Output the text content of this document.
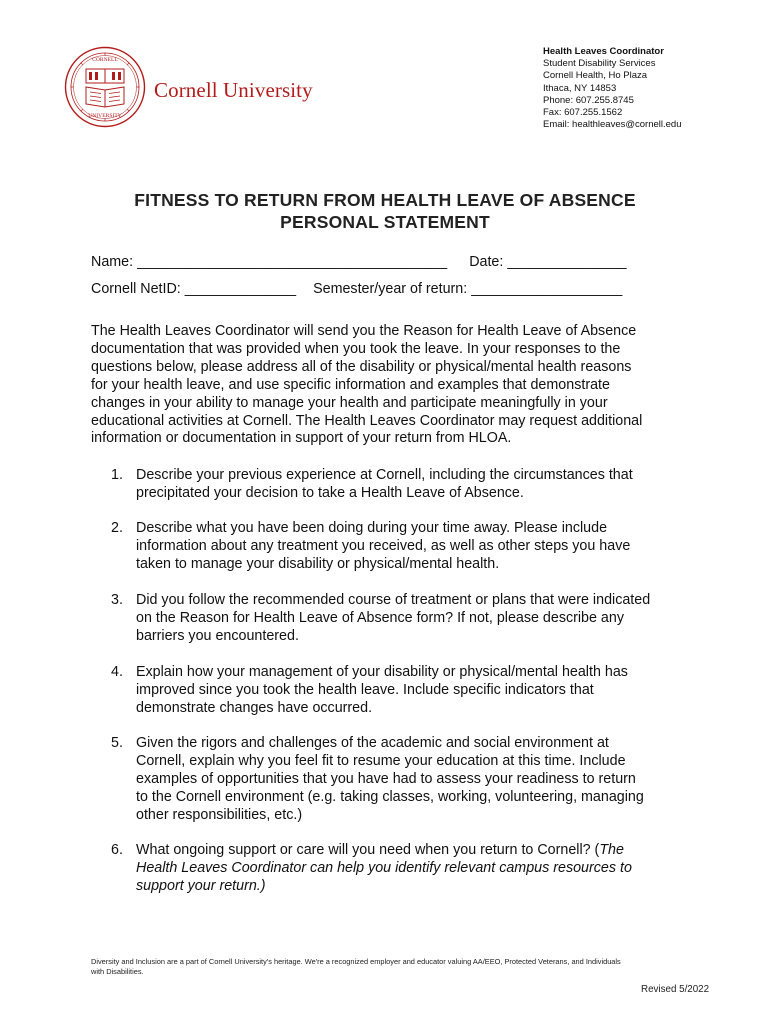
CORNELL
UNIVERSITY
Cornell University
Health Leaves Coordinator
Student Disability Services
Cornell Health, Ho Plaza
Ithaca, NY 14853
Phone: 607.255.8745
Fax: 607.255.1562
Email: healthleaves@cornell.edu
FITNESS TO RETURN FROM HEALTH LEAVE OF ABSENCE
PERSONAL STATEMENT
Name: _______________________________________ Date: _______________
Cornell NetID: ______________ Semester/year of return: ___________________
The Health Leaves Coordinator will send you the Reason for Health Leave of Absence
documentation that was provided when you took the leave. In your responses to the
questions below, please address all of the disability or physical/mental health reasons
for your health leave, and use specific information and examples that demonstrate
changes in your ability to manage your health and participate meaningfully in your
educational activities at Cornell. The Health Leaves Coordinator may request additional
information or documentation in support of your return from HLOA.
1. Describe your previous experience at Cornell, including the circumstances that
precipitated your decision to take a Health Leave of Absence.
2. Describe what you have been doing during your time away. Please include
information about any treatment you received, as well as other steps you have
taken to manage your disability or physical/mental health.
3. Did you follow the recommended course of treatment or plans that were indicated
on the Reason for Health Leave of Absence form? If not, please describe any
barriers you encountered.
4. Explain how your management of your disability or physical/mental health has
improved since you took the health leave. Include specific indicators that
demonstrate changes have occurred.
5. Given the rigors and challenges of the academic and social environment at
Cornell, explain why you feel fit to resume your education at this time. Include
examples of opportunities that you have had to assess your readiness to return
to the Cornell environment (e.g. taking classes, working, volunteering, managing
other responsibilities, etc.)
6. What ongoing support or care will you need when you return to Cornell? (The
Health Leaves Coordinator can help you identify relevant campus resources to
support your return.)
Diversity and Inclusion are a part of Cornell University's heritage. We're a recognized employer and educator valuing AA/EEO, Protected Veterans, and Individuals
with Disabilities.
Revised 5/2022
